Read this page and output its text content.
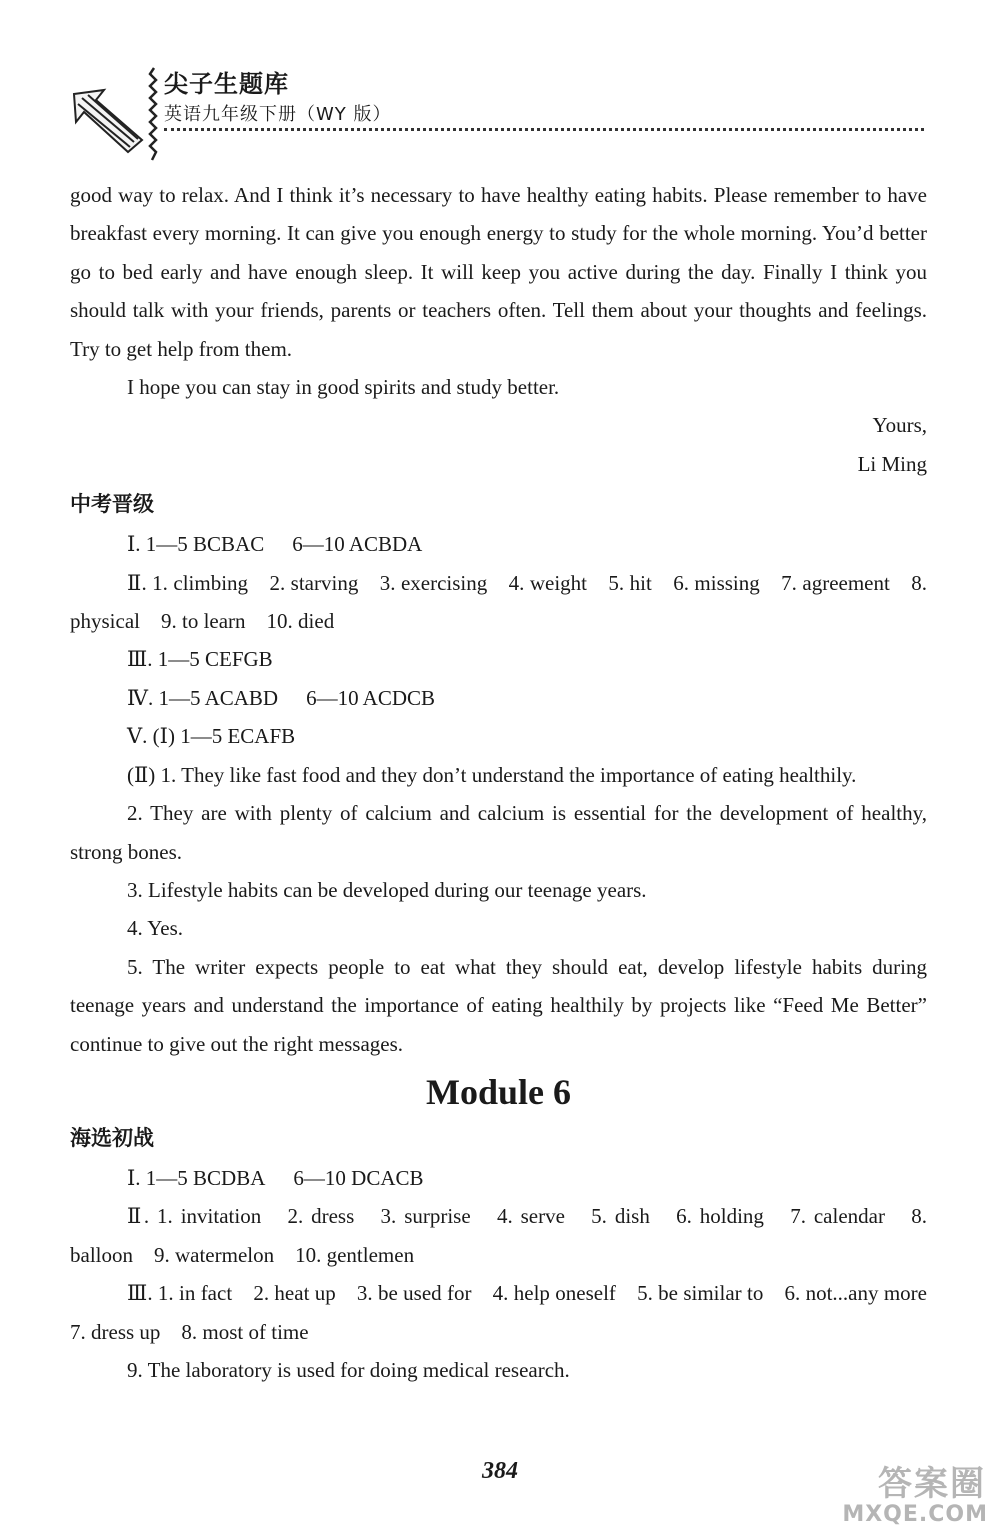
尖子生题库
英语九年级下册（WY 版）

good way to relax. And I think it’s necessary to have healthy eating habits. Please remember to have breakfast every morning. It can give you enough energy to study for the whole morning. You’d better go to bed early and have enough sleep. It will keep you active during the day. Finally I think you should talk with your friends, parents or teachers often. Tell them about your thoughts and feelings. Try to get help from them.

I hope you can stay in good spirits and study better.

Yours,

Li Ming

中考晋级

Ⅰ. 1—5 BCBAC 6—10 ACBDA

Ⅱ. 1. climbing　2. starving　3. exercising　4. weight　5. hit　6. missing　7. agreement　8. physical　9. to learn　10. died

Ⅲ. 1—5 CEFGB

Ⅳ. 1—5 ACABD 6—10 ACDCB

Ⅴ. (Ⅰ) 1—5 ECAFB

(Ⅱ) 1. They like fast food and they don’t understand the importance of eating healthily.

2. They are with plenty of calcium and calcium is essential for the development of healthy, strong bones.

3. Lifestyle habits can be developed during our teenage years.

4. Yes.

5. The writer expects people to eat what they should eat, develop lifestyle habits during teenage years and understand the importance of eating healthily by projects like “Feed Me Better” continue to give out the right messages.

Module 6

海选初战

Ⅰ. 1—5 BCDBA 6—10 DCACB

Ⅱ. 1. invitation　2. dress　3. surprise　4. serve　5. dish　6. holding　7. calendar　8. balloon　9. watermelon　10. gentlemen

Ⅲ. 1. in fact　2. heat up　3. be used for　4. help oneself　5. be similar to　6. not...any more　7. dress up　8. most of time

9. The laboratory is used for doing medical research.

384	答案圈
MXQE.COM
